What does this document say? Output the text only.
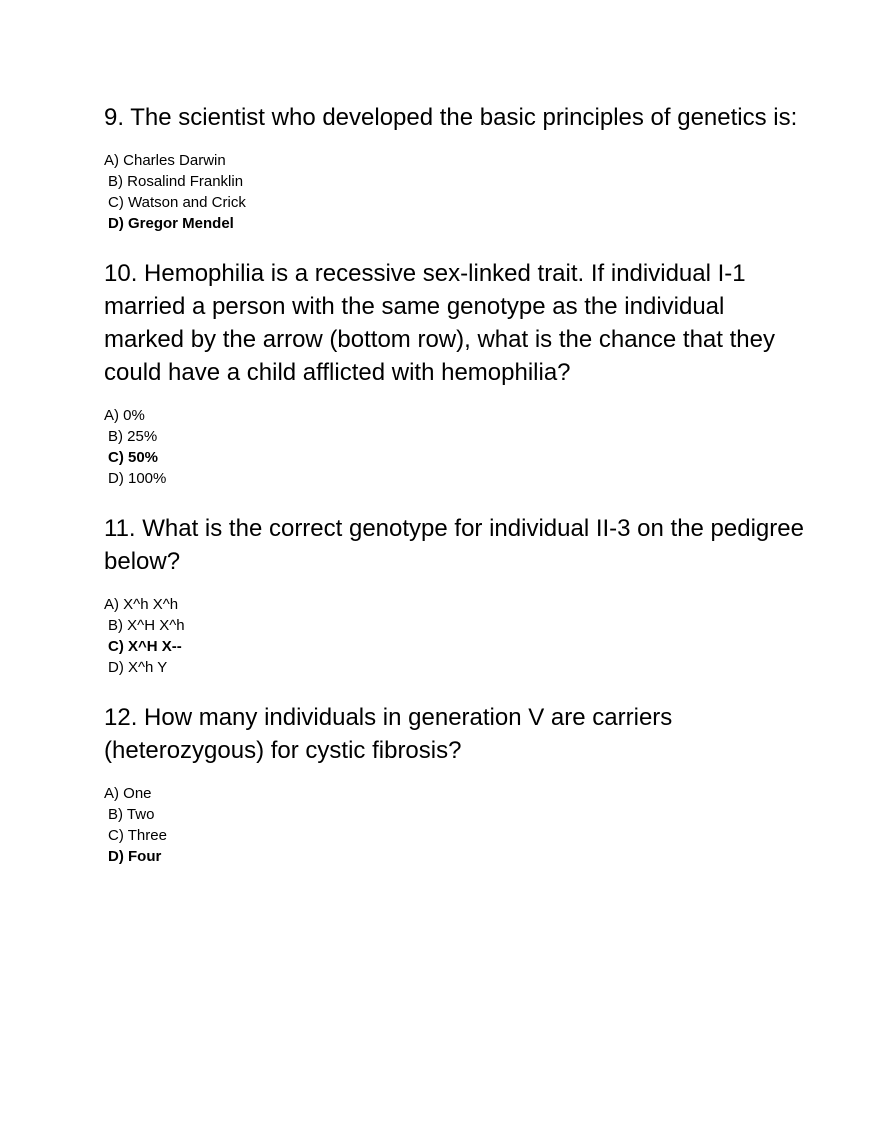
9. The scientist who developed the basic principles of genetics is:

A) Charles Darwin
B) Rosalind Franklin
C) Watson and Crick
D) Gregor Mendel

10. Hemophilia is a recessive sex-linked trait. If individual I-1 married a person with the same genotype as the individual marked by the arrow (bottom row), what is the chance that they could have a child afflicted with hemophilia?

A) 0%
B) 25%
C) 50%
D) 100%

11. What is the correct genotype for individual II-3 on the pedigree below?

A) X^h X^h
B) X^H X^h
C) X^H X--
D) X^h Y

12. How many individuals in generation V are carriers (heterozygous) for cystic fibrosis?

A) One
B) Two
C) Three
D) Four
